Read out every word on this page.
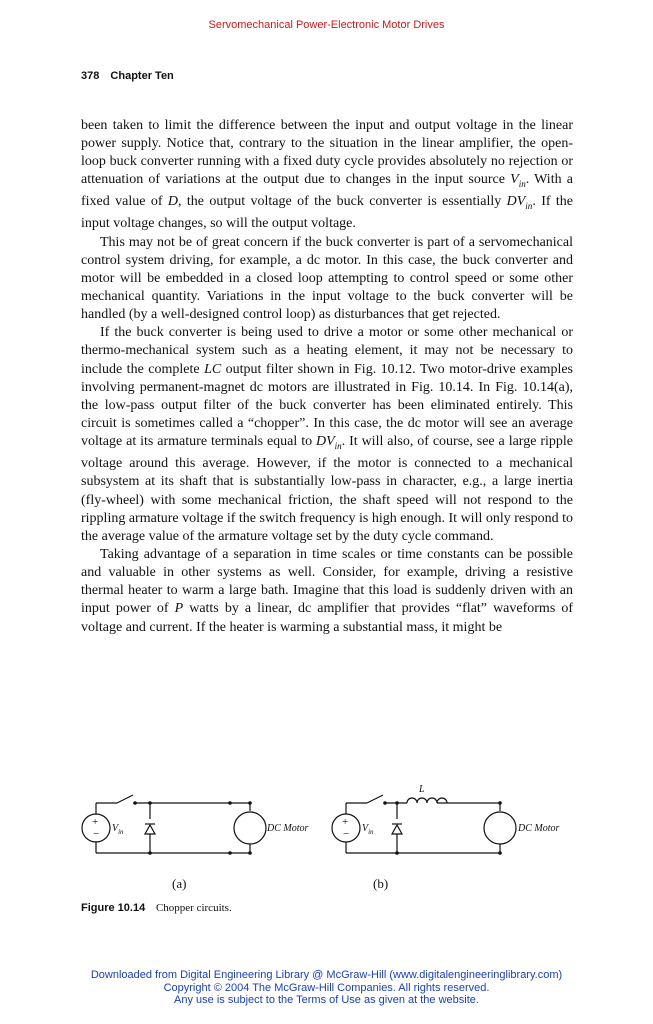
Servomechanical Power-Electronic Motor Drives
378 Chapter Ten

been taken to limit the difference between the input and output voltage in the linear power supply. Notice that, contrary to the situation in the linear amplifier, the open-loop buck converter running with a fixed duty cycle provides absolutely no rejection or attenuation of variations at the output due to changes in the input source $V_{in}$. With a fixed value of D, the output voltage of the buck converter is essentially $DV_{in}$. If the input voltage changes, so will the output voltage.

This may not be of great concern if the buck converter is part of a servomechanical control system driving, for example, a dc motor. In this case, the buck converter and motor will be embedded in a closed loop attempting to control speed or some other mechanical quantity. Variations in the input voltage to the buck converter will be handled (by a well-designed control loop) as disturbances that get rejected.

If the buck converter is being used to drive a motor or some other mechanical or thermo-mechanical system such as a heating element, it may not be necessary to include the complete LC output filter shown in Fig. 10.12. Two motor-drive examples involving permanent-magnet dc motors are illustrated in Fig. 10.14. In Fig. 10.14(a), the low-pass output filter of the buck converter has been eliminated entirely. This circuit is sometimes called a “chopper”. In this case, the dc motor will see an average voltage at its armature terminals equal to $DV_{in}$. It will also, of course, see a large ripple voltage around this average. However, if the motor is connected to a mechanical subsystem at its shaft that is substantially low-pass in character, e.g., a large inertia (fly-wheel) with some mechanical friction, the shaft speed will not respond to the rippling armature voltage if the switch frequency is high enough. It will only respond to the average value of the armature voltage set by the duty cycle command.

Taking advantage of a separation in time scales or time constants can be possible and valuable in other systems as well. Consider, for example, driving a resistive thermal heater to warm a large bath. Imagine that this load is suddenly driven with an input power of P watts by a linear, dc amplifier that provides “flat” waveforms of voltage and current. If the heater is warming a substantial mass, it might be

+
− $V_{in}$	DC Motor
(a)
+
− $V_{in}$	DC Motor
L
(b)
Figure 10.14 Chopper circuits.
Downloaded from Digital Engineering Library @ McGraw-Hill (www.digitalengineeringlibrary.com)
Copyright © 2004 The McGraw-Hill Companies. All rights reserved.
Any use is subject to the Terms of Use as given at the website.
